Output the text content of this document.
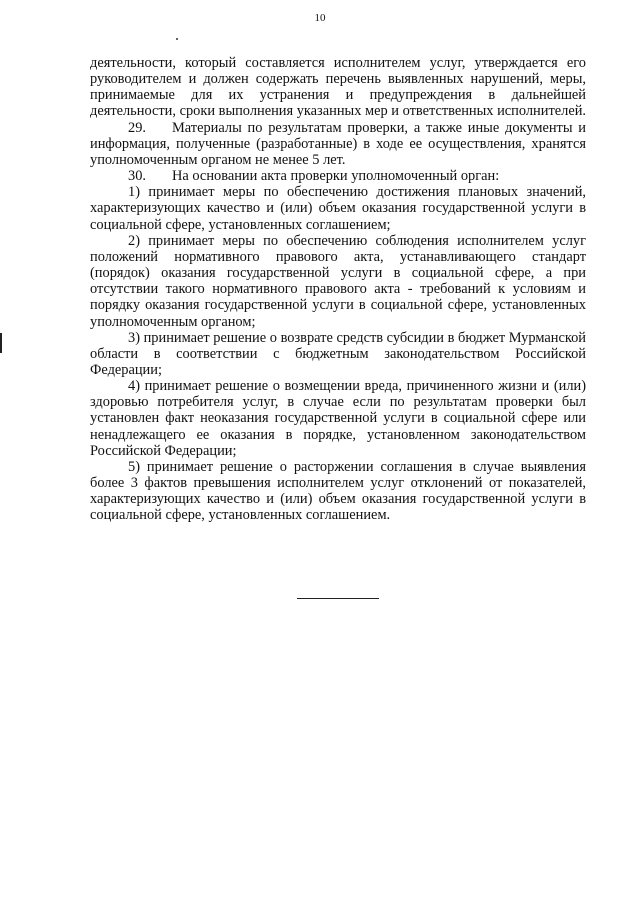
10

деятельности, который составляется исполнителем услуг, утверждается его руководителем и должен содержать перечень выявленных нарушений, меры, принимаемые для их устранения и предупреждения в дальнейшей деятельности, сроки выполнения указанных мер и ответственных исполнителей.

29. Материалы по результатам проверки, а также иные документы и информация, полученные (разработанные) в ходе ее осуществления, хранятся уполномоченным органом не менее 5 лет.

30. На основании акта проверки уполномоченный орган:

1) принимает меры по обеспечению достижения плановых значений, характеризующих качество и (или) объем оказания государственной услуги в социальной сфере, установленных соглашением;

2) принимает меры по обеспечению соблюдения исполнителем услуг положений нормативного правового акта, устанавливающего стандарт (порядок) оказания государственной услуги в социальной сфере, а при отсутствии такого нормативного правового акта - требований к условиям и порядку оказания государственной услуги в социальной сфере, установленных уполномоченным органом;

3) принимает решение о возврате средств субсидии в бюджет Мурманской области в соответствии с бюджетным законодательством Российской Федерации;

4) принимает решение о возмещении вреда, причиненного жизни и (или) здоровью потребителя услуг, в случае если по результатам проверки был установлен факт неоказания государственной услуги в социальной сфере или ненадлежащего ее оказания в порядке, установленном законодательством Российской Федерации;

5) принимает решение о расторжении соглашения в случае выявления более 3 фактов превышения исполнителем услуг отклонений от показателей, характеризующих качество и (или) объем оказания государственной услуги в социальной сфере, установленных соглашением.
